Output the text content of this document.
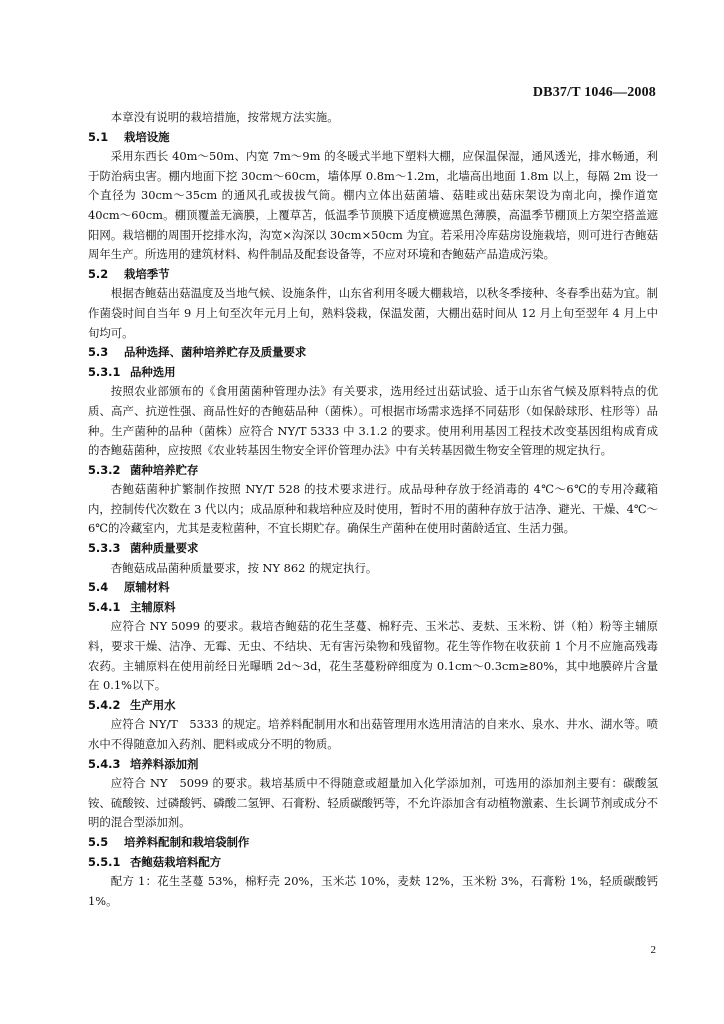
DB37/T 1046—2008

本章没有说明的栽培措施，按常规方法实施。

5.1 栽培设施

采用东西长 40m～50m、内宽 7m～9m 的冬暖式半地下塑料大棚，应保温保湿，通风透光，排水畅通，利于防治病虫害。棚内地面下挖 30cm～60cm，墙体厚 0.8m～1.2m，北墙高出地面 1.8m 以上，每隔 2m 设一个直径为 30cm～35cm 的通风孔或拔拔气筒。棚内立体出菇菌墙、菇畦或出菇床架设为南北向，操作道宽 40cm～60cm。棚顶覆盖无滴膜，上覆草苫，低温季节顶膜下适度横遮黑色薄膜，高温季节棚顶上方架空搭盖遮阳网。栽培棚的周围开挖排水沟，沟宽×沟深以 30cm×50cm 为宜。若采用冷库菇房设施栽培，则可进行杏鲍菇周年生产。所选用的建筑材料、构件制品及配套设备等，不应对环境和杏鲍菇产品造成污染。

5.2 栽培季节

根据杏鲍菇出菇温度及当地气候、设施条件，山东省利用冬暖大棚栽培，以秋冬季接种、冬春季出菇为宜。制作菌袋时间自当年 9 月上旬至次年元月上旬，熟料袋栽，保温发菌，大棚出菇时间从 12 月上旬至翌年 4 月上中旬均可。

5.3 品种选择、菌种培养贮存及质量要求
5.3.1 品种选用

按照农业部颁布的《食用菌菌种管理办法》有关要求，选用经过出菇试验、适于山东省气候及原料特点的优质、高产、抗逆性强、商品性好的杏鲍菇品种（菌株）。可根据市场需求选择不同菇形（如保龄球形、柱形等）品种。生产菌种的品种（菌株）应符合 NY/T 5333 中 3.1.2 的要求。使用利用基因工程技术改变基因组构成育成的杏鲍菇菌种，应按照《农业转基因生物安全评价管理办法》中有关转基因微生物安全管理的规定执行。

5.3.2 菌种培养贮存

杏鲍菇菌种扩繁制作按照 NY/T 528 的技术要求进行。成品母种存放于经消毒的 4℃～6℃的专用冷藏箱内，控制传代次数在 3 代以内；成品原种和栽培种应及时使用，暂时不用的菌种存放于洁净、避光、干燥、4℃～6℃的冷藏室内，尤其是麦粒菌种，不宜长期贮存。确保生产菌种在使用时菌龄适宜、生活力强。

5.3.3 菌种质量要求

杏鲍菇成品菌种质量要求，按 NY 862 的规定执行。

5.4 原辅材料
5.4.1 主辅原料

应符合 NY 5099 的要求。栽培杏鲍菇的花生茎蔓、棉籽壳、玉米芯、麦麸、玉米粉、饼（粕）粉等主辅原料，要求干燥、洁净、无霉、无虫、不结块、无有害污染物和残留物。花生等作物在收获前 1 个月不应施高残毒农药。主辅原料在使用前经日光曝晒 2d～3d，花生茎蔓粉碎细度为 0.1cm～0.3cm≥80%，其中地膜碎片含量在 0.1%以下。

5.4.2 生产用水

应符合 NY/T　5333 的规定。培养料配制用水和出菇管理用水选用清洁的自来水、泉水、井水、湖水等。喷水中不得随意加入药剂、肥料或成分不明的物质。

5.4.3 培养料添加剂

应符合 NY　5099 的要求。栽培基质中不得随意或超量加入化学添加剂，可选用的添加剂主要有：碳酸氢铵、硫酸铵、过磷酸钙、磷酸二氢钾、石膏粉、轻质碳酸钙等，不允许添加含有动植物激素、生长调节剂或成分不明的混合型添加剂。

5.5 培养料配制和栽培袋制作
5.5.1 杏鲍菇栽培料配方

配方 1：花生茎蔓 53%，棉籽壳 20%，玉米芯 10%，麦麸 12%，玉米粉 3%，石膏粉 1%，轻质碳酸钙 1%。

2
